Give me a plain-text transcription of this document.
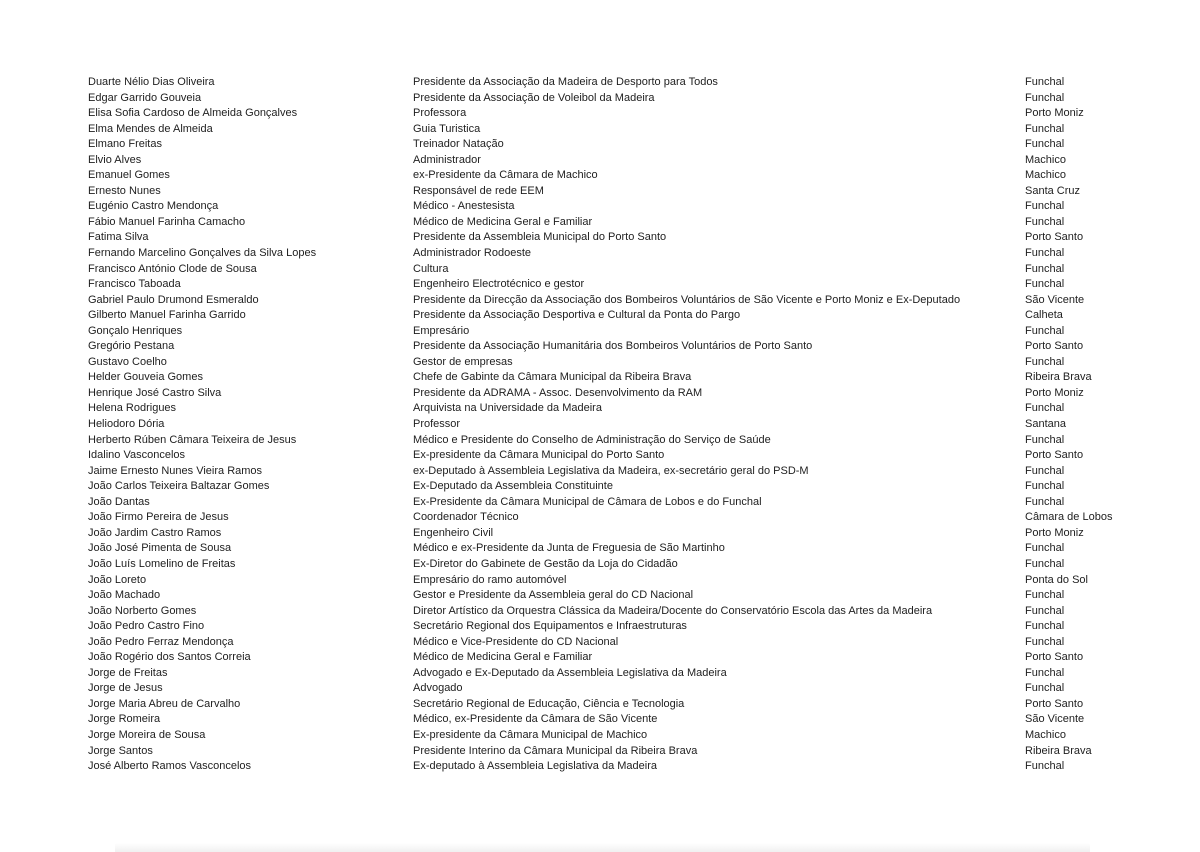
Duarte Nélio Dias Oliveira	Presidente da Associação da Madeira de Desporto para Todos	Funchal
Edgar Garrido Gouveia	Presidente da Associação de Voleibol da Madeira	Funchal
Elisa Sofia Cardoso de Almeida Gonçalves	Professora	Porto Moniz
Elma Mendes de Almeida	Guia Turistica	Funchal
Elmano Freitas	Treinador Natação	Funchal
Elvio Alves	Administrador	Machico
Emanuel Gomes	ex-Presidente da Câmara de Machico	Machico
Ernesto Nunes	Responsável de rede EEM	Santa Cruz
Eugénio Castro Mendonça	Médico - Anestesista	Funchal
Fábio Manuel Farinha Camacho	Médico de Medicina Geral e Familiar	Funchal
Fatima Silva	Presidente da Assembleia Municipal do Porto Santo	Porto Santo
Fernando Marcelino Gonçalves da Silva Lopes	Administrador Rodoeste	Funchal
Francisco António Clode de Sousa	Cultura	Funchal
Francisco Taboada	Engenheiro Electrotécnico e gestor	Funchal
Gabriel Paulo Drumond Esmeraldo	Presidente da Direcção da Associação dos Bombeiros Voluntários de São Vicente e Porto Moniz e Ex-Deputado	São Vicente
Gilberto Manuel Farinha Garrido	Presidente da Associação Desportiva e Cultural da Ponta do Pargo	Calheta
Gonçalo Henriques	Empresário	Funchal
Gregório Pestana	Presidente da Associação Humanitária dos Bombeiros Voluntários de Porto Santo	Porto Santo
Gustavo Coelho	Gestor de empresas	Funchal
Helder Gouveia Gomes	Chefe de Gabinte da Câmara Municipal da Ribeira Brava	Ribeira Brava
Henrique José Castro Silva	Presidente da ADRAMA - Assoc. Desenvolvimento da RAM	Porto Moniz
Helena Rodrigues	Arquivista na Universidade da Madeira	Funchal
Heliodoro Dória	Professor	Santana
Herberto Rúben Câmara Teixeira de Jesus	Médico e Presidente do Conselho de Administração do Serviço de Saúde	Funchal
Idalino Vasconcelos	Ex-presidente da Câmara Municipal do Porto Santo	Porto Santo
Jaime Ernesto Nunes Vieira Ramos	ex-Deputado à Assembleia Legislativa da Madeira, ex-secretário geral do PSD-M	Funchal
João Carlos Teixeira Baltazar Gomes	Ex-Deputado da Assembleia Constituinte	Funchal
João Dantas	Ex-Presidente da Câmara Municipal de Câmara de Lobos e do Funchal	Funchal
João Firmo Pereira de Jesus	Coordenador Técnico	Câmara de Lobos
João Jardim Castro Ramos	Engenheiro Civil	Porto Moniz
João José Pimenta de Sousa	Médico e ex-Presidente da Junta de Freguesia de São Martinho	Funchal
João Luís Lomelino de Freitas	Ex-Diretor do Gabinete de Gestão da Loja do Cidadão	Funchal
João Loreto	Empresário do ramo automóvel	Ponta do Sol
João Machado	Gestor e Presidente da Assembleia geral do CD Nacional	Funchal
João Norberto Gomes	Diretor Artístico da Orquestra Clássica da Madeira/Docente do Conservatório Escola das Artes da Madeira	Funchal
João Pedro Castro Fino	Secretário Regional dos Equipamentos e Infraestruturas	Funchal
João Pedro Ferraz Mendonça	Médico e Vice-Presidente do CD Nacional	Funchal
João Rogério dos Santos Correia	Médico de Medicina Geral e Familiar	Porto Santo
Jorge de Freitas	Advogado e Ex-Deputado da Assembleia Legislativa da Madeira	Funchal
Jorge de Jesus	Advogado	Funchal
Jorge Maria Abreu de Carvalho	Secretário Regional de Educação, Ciência e Tecnologia	Porto Santo
Jorge Romeira	Médico, ex-Presidente da Câmara de São Vicente	São Vicente
Jorge Moreira de Sousa	Ex-presidente da Câmara Municipal de Machico	Machico
Jorge Santos	Presidente Interino da Câmara Municipal da Ribeira Brava	Ribeira Brava
José Alberto Ramos Vasconcelos	Ex-deputado à Assembleia Legislativa da Madeira	Funchal
